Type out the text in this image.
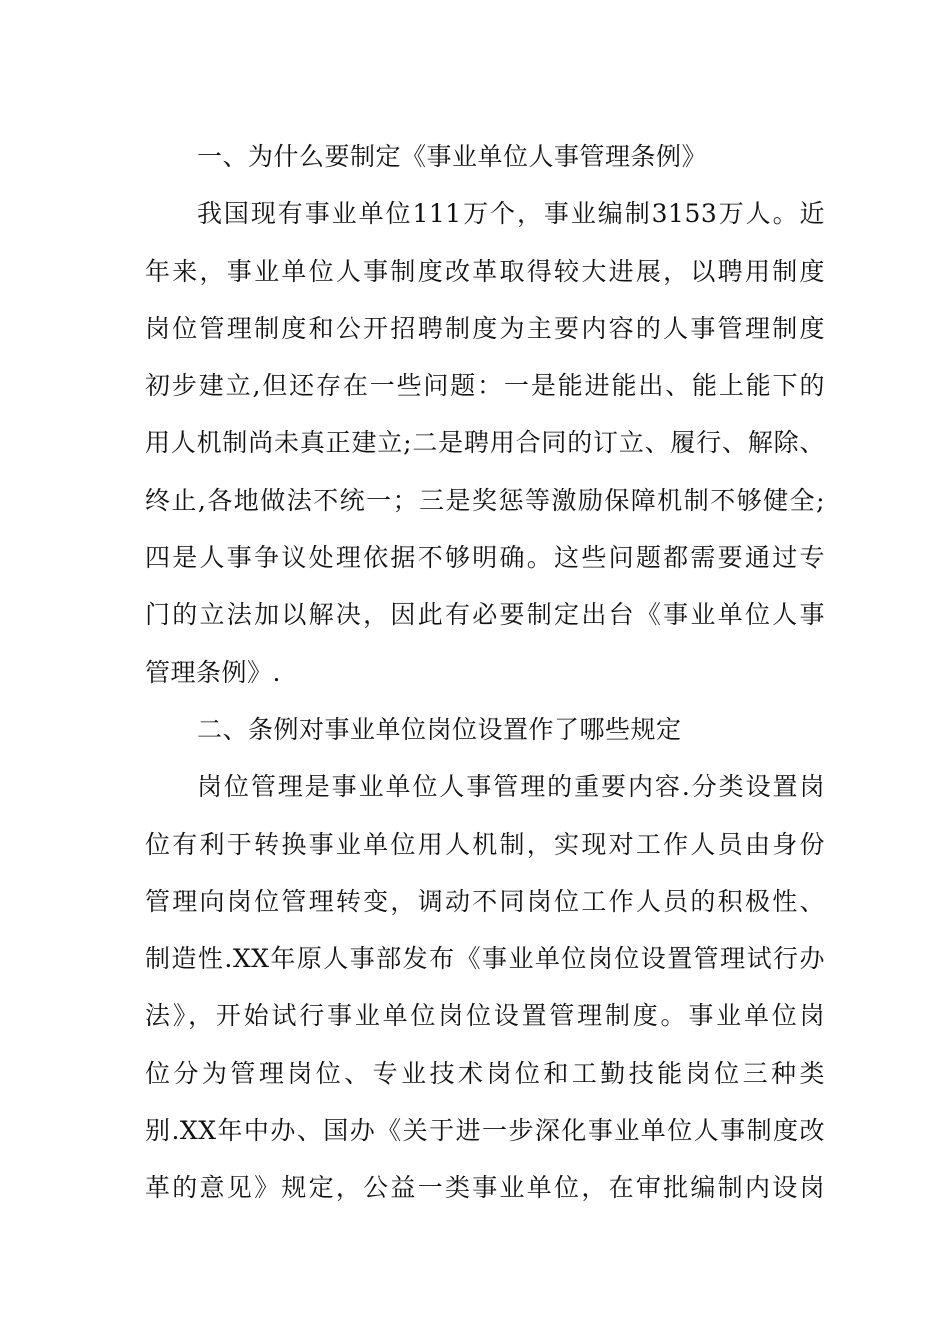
一、为什么要制定《事业单位人事管理条例》
我国现有事业单位111万个，事业编制3153万人。近
年来，事业单位人事制度改革取得较大进展，以聘用制度
岗位管理制度和公开招聘制度为主要内容的人事管理制度
初步建立,但还存在一些问题：一是能进能出、能上能下的
用人机制尚未真正建立;二是聘用合同的订立、履行、解除、
终止,各地做法不统一；三是奖惩等激励保障机制不够健全;
四是人事争议处理依据不够明确。这些问题都需要通过专
门的立法加以解决，因此有必要制定出台《事业单位人事
管理条例》.
二、条例对事业单位岗位设置作了哪些规定
岗位管理是事业单位人事管理的重要内容.分类设置岗
位有利于转换事业单位用人机制，实现对工作人员由身份
管理向岗位管理转变，调动不同岗位工作人员的积极性、
制造性.XX年原人事部发布《事业单位岗位设置管理试行办
法》，开始试行事业单位岗位设置管理制度。事业单位岗
位分为管理岗位、专业技术岗位和工勤技能岗位三种类
别.XX年中办、国办《关于进一步深化事业单位人事制度改
革的意见》规定，公益一类事业单位，在审批编制内设岗
